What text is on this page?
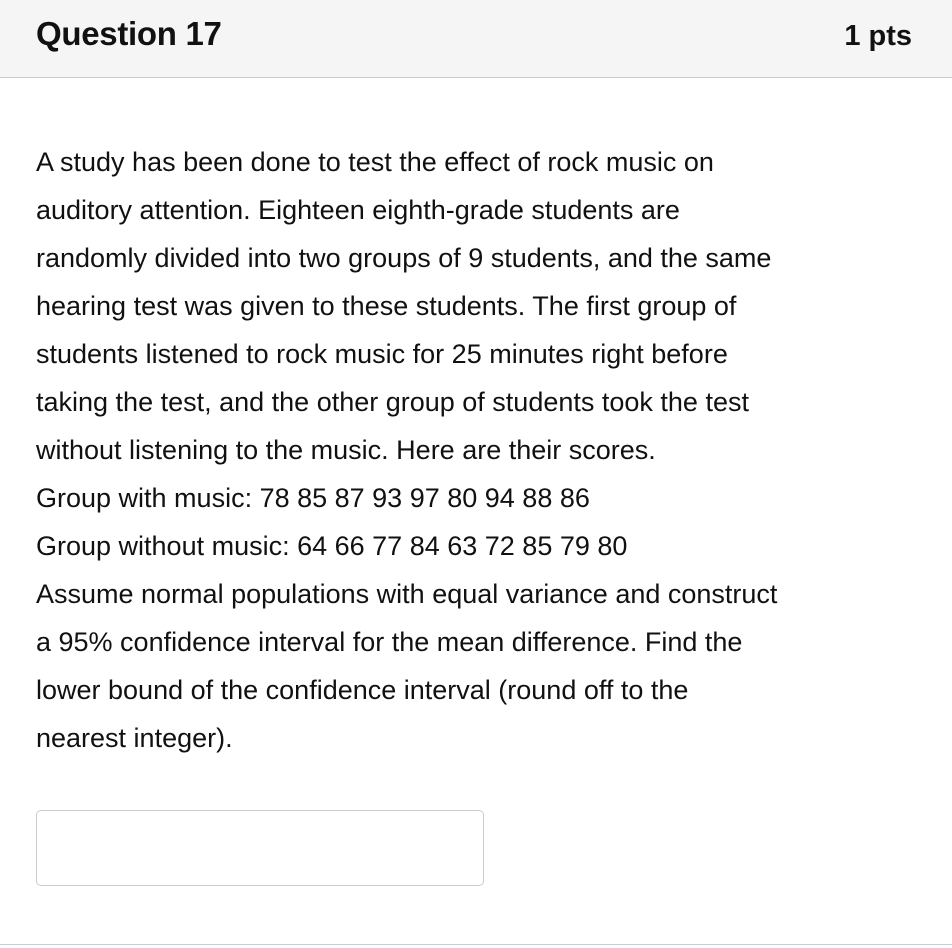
Question 17	1 pts

A study has been done to test the effect of rock music on

auditory attention. Eighteen eighth-grade students are

randomly divided into two groups of 9 students, and the same

hearing test was given to these students. The first group of

students listened to rock music for 25 minutes right before

taking the test, and the other group of students took the test

without listening to the music. Here are their scores.

Group with music: 78 85 87 93 97 80 94 88 86

Group without music: 64 66 77 84 63 72 85 79 80

Assume normal populations with equal variance and construct

a 95% confidence interval for the mean difference. Find the

lower bound of the confidence interval (round off to the

nearest integer).
